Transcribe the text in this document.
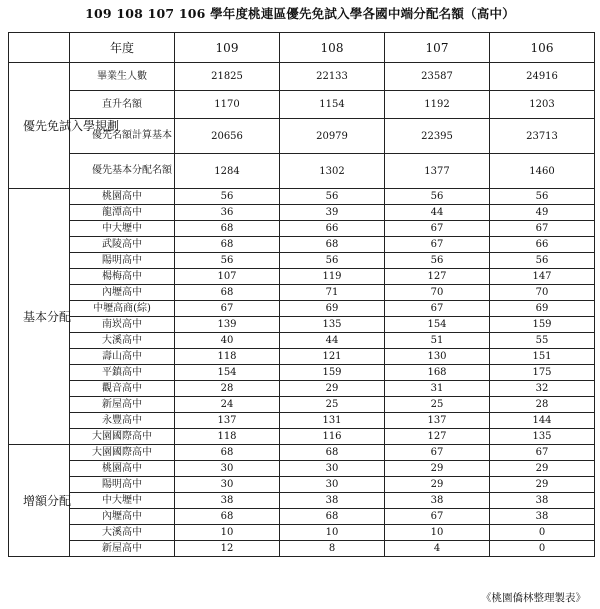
109 108 107 106 學年度桃連區優先免試入學各國中端分配名額（高中）
	年度	109	108	107	106
優先免試入學規劃	畢業生人數	21825	22133	23587	24916
	直升名額	1170	1154	1192	1203
	優先名額計算基本	20656	20979	22395	23713
	優先基本分配名額	1284	1302	1377	1460
基本分配	桃園高中	56	56	56	56
	龍潭高中	36	39	44	49
	中大壢中	68	66	67	67
	武陵高中	68	68	67	66
	陽明高中	56	56	56	56
	楊梅高中	107	119	127	147
	內壢高中	68	71	70	70
	中壢高商(綜)	67	69	67	69
	南崁高中	139	135	154	159
	大溪高中	40	44	51	55
	壽山高中	118	121	130	151
	平鎮高中	154	159	168	175
	觀音高中	28	29	31	32
	新屋高中	24	25	25	28
	永豐高中	137	131	137	144
	大園國際高中	118	116	127	135
增額分配	大園國際高中	68	68	67	67
	桃園高中	30	30	29	29
	陽明高中	30	30	29	29
	中大壢中	38	38	38	38
	內壢高中	68	68	67	38
	大溪高中	10	10	10	0
	新屋高中	12	8	4	0
《桃園僑林整理製表》
